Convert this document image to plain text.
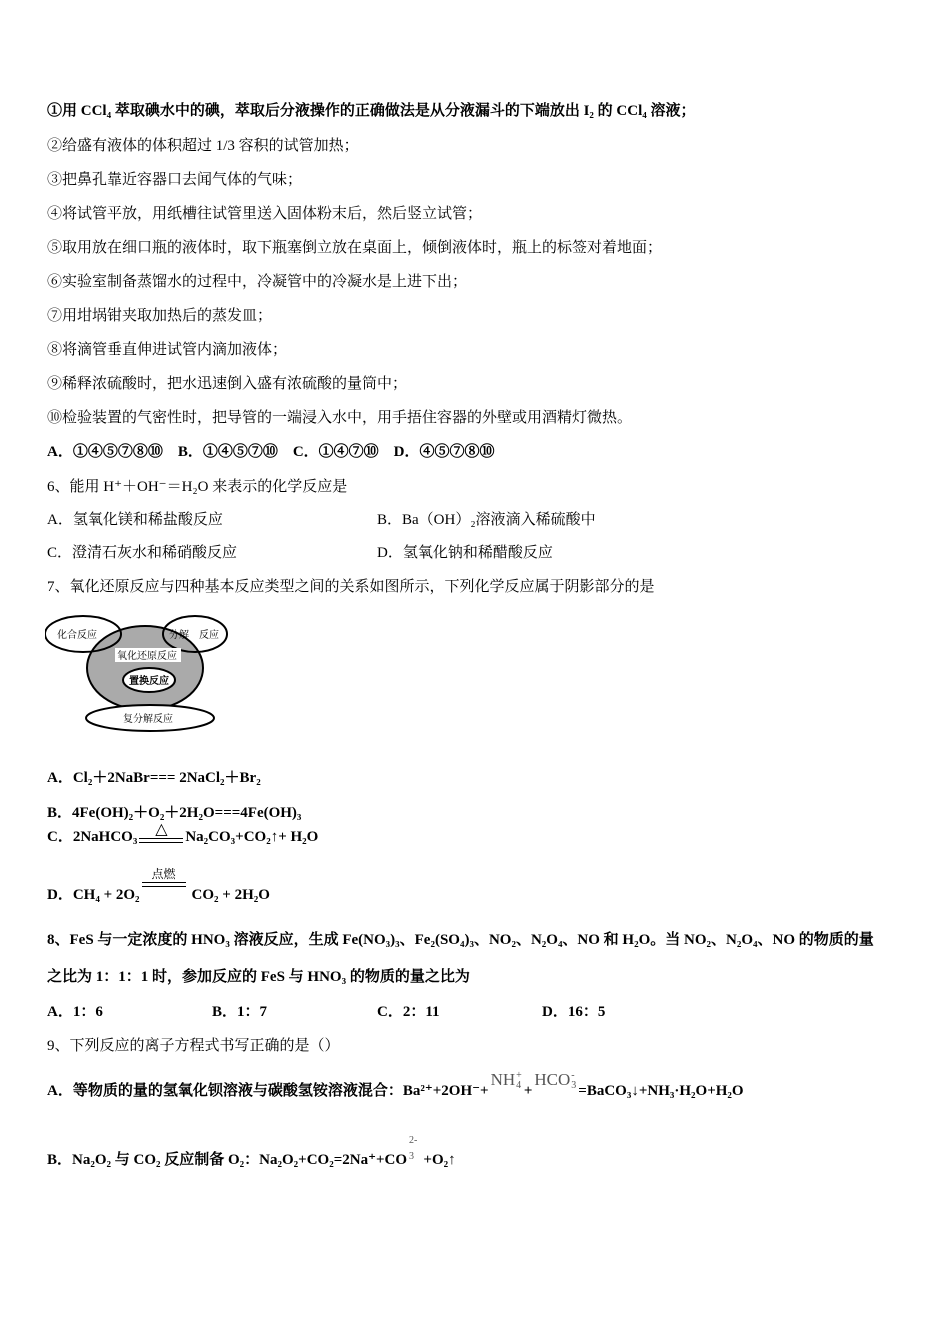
①用 CCl₄ 萃取碘水中的碘，萃取后分液操作的正确做法是从分液漏斗的下端放出 I₂ 的 CCl₄ 溶液；
②给盛有液体的体积超过 1/3 容积的试管加热；
③把鼻孔靠近容器口去闻气体的气味；
④将试管平放，用纸槽往试管里送入固体粉末后，然后竖立试管；
⑤取用放在细口瓶的液体时，取下瓶塞倒立放在桌面上，倾倒液体时，瓶上的标签对着地面；
⑥实验室制备蒸馏水的过程中，冷凝管中的冷凝水是上进下出；
⑦用坩埚钳夹取加热后的蒸发皿；
⑧将滴管垂直伸进试管内滴加液体；
⑨稀释浓硫酸时，把水迅速倒入盛有浓硫酸的量筒中；
⑩检验装置的气密性时，把导管的一端浸入水中，用手捂住容器的外壁或用酒精灯微热。
A．①④⑤⑦⑧⑩　B．①④⑤⑦⑩　C．①④⑦⑩　D．④⑤⑦⑧⑩
6、能用 H⁺＋OH⁻＝H₂O 来表示的化学反应是
A．氢氧化镁和稀盐酸反应	B．Ba（OH）₂溶液滴入稀硫酸中
C．澄清石灰水和稀硝酸反应	D．氢氧化钠和稀醋酸反应
7、氧化还原反应与四种基本反应类型之间的关系如图所示，下列化学反应属于阴影部分的是
化合反应	分解　反应
氧化还原反应
置换反应
复分解反应
A．Cl₂＋2NaBr=== 2NaCl₂＋Br₂
B．4Fe(OH)₂＋O₂＋2H₂O===4Fe(OH)₃
C．2NaHCO₃ △ Na₂CO₃+CO₂↑+ H₂O
D．CH₄ + 2O₂
点燃
CO₂ + 2H₂O
8、FeS 与一定浓度的 HNO₃ 溶液反应，生成 Fe(NO₃)₃、Fe₂(SO₄)₃、NO₂、N₂O₄、NO 和 H₂O。当 NO₂、N₂O₄、NO 的物质的量
之比为 1：1：1 时，参加反应的 FeS 与 HNO₃ 的物质的量之比为
A．1：6	B．1：7	C．2：11	D．16：5
9、下列反应的离子方程式书写正确的是（）
A．等物质的量的氢氧化钡溶液与碳酸氢铵溶液混合：Ba²⁺+2OH⁻+
NH +
4 +
HCO -
3 =BaCO₃↓+NH₃·H₂O+H₂O
B．Na₂O₂ 与 CO₂ 反应制备 O₂：Na₂O₂+CO₂=2Na⁺+CO
2-
3 +O₂↑
